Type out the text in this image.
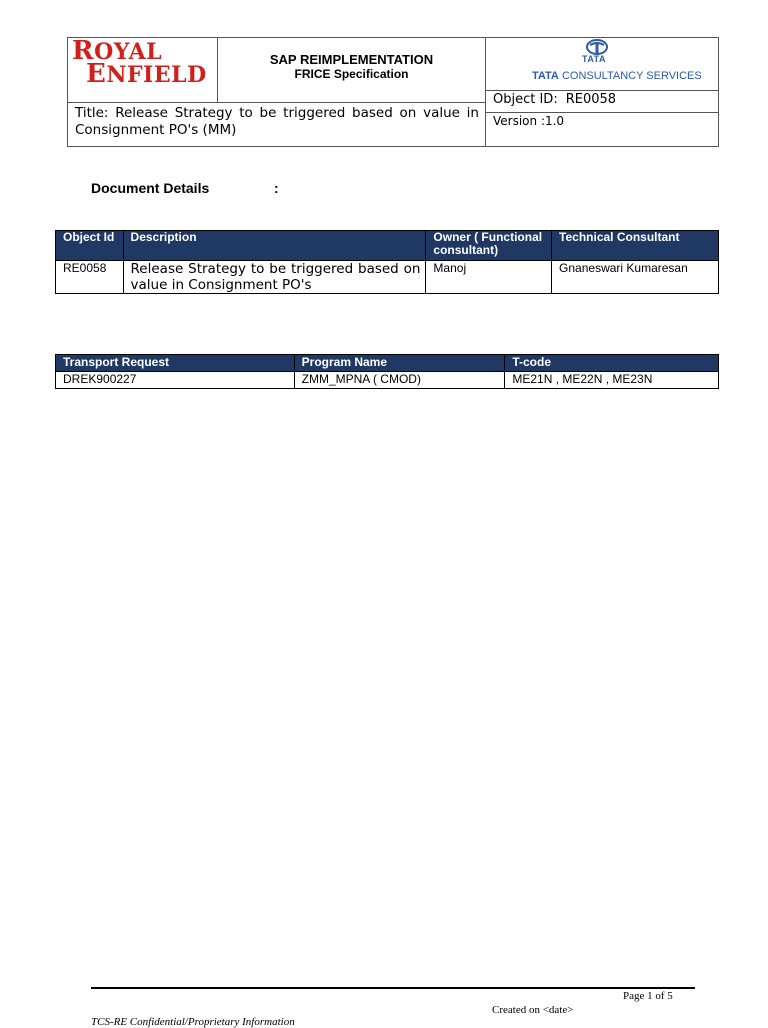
ROYAL
ENFIELD
SAP REIMPLEMENTATION
FRICE Specification
TATA
TATA CONSULTANCY SERVICES
Title: Release Strategy to be triggered based on value in Consignment PO's (MM)
Object ID: RE0058
Version :1.0
Document Details	:
Object Id	Description	Owner ( Functional consultant)	Technical Consultant
RE0058	Release Strategy to be triggered based on value in Consignment PO's	Manoj	Gnaneswari Kumaresan
Transport Request	Program Name	T-code
DREK900227	ZMM_MPNA ( CMOD)	ME21N , ME22N , ME23N
Page 1 of 5
Created on <date>
TCS-RE Confidential/Proprietary Information
